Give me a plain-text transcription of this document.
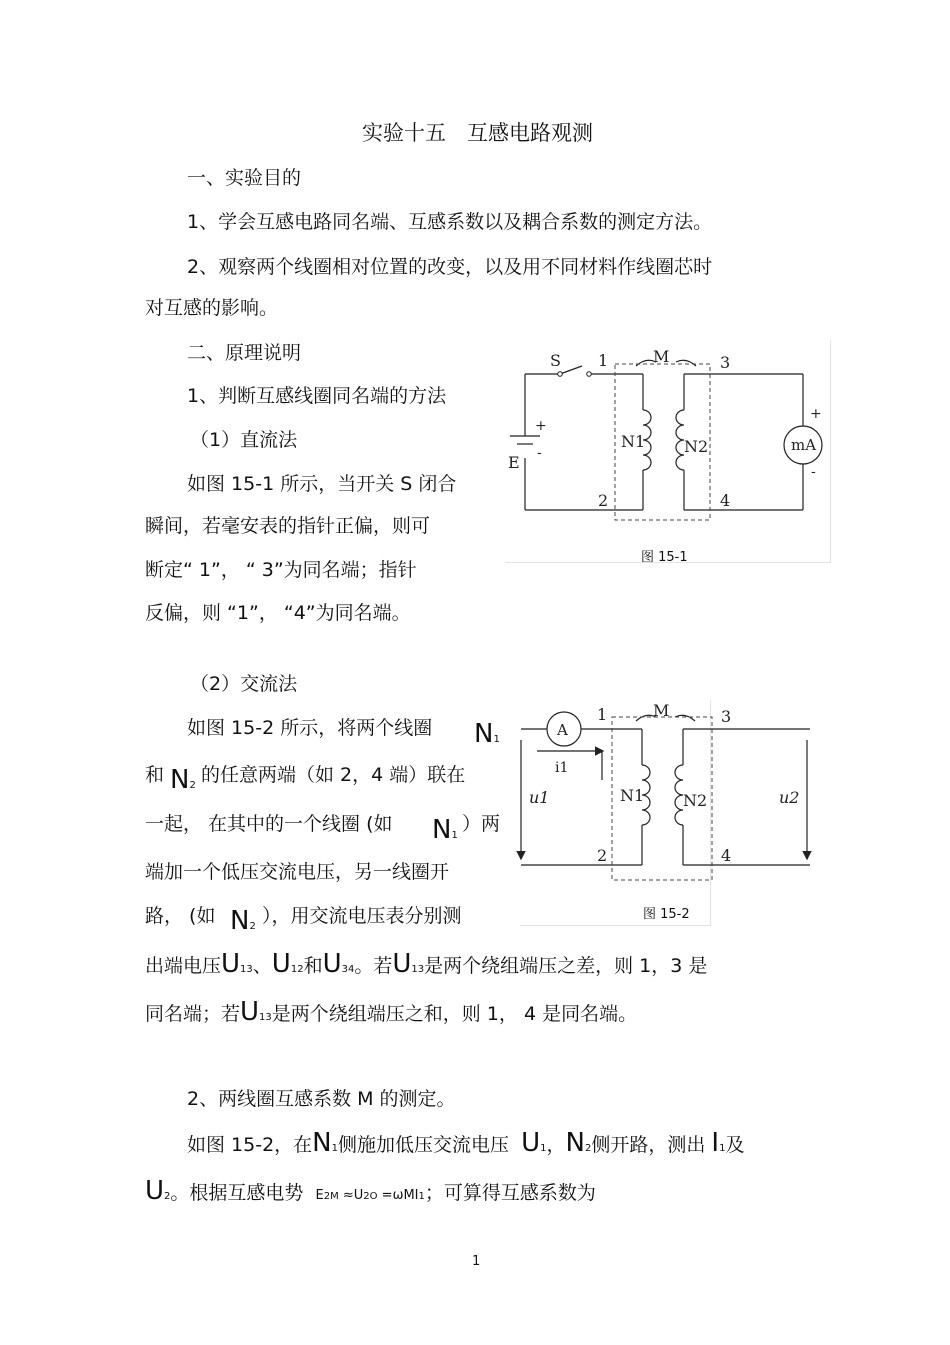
实验十五　互感电路观测
一、实验目的
1、学会互感电路同名端、互感系数以及耦合系数的测定方法。
2、观察两个线圈相对位置的改变，以及用不同材料作线圈芯时
对互感的影响。
二、原理说明
1、判断互感线圈同名端的方法
（1）直流法
如图 15-1 所示，当开关 S 闭合
瞬间，若毫安表的指针正偏，则可
断定“ 1”， “ 3”为同名端；指针
反偏，则 “1”， “4”为同名端。
S 1	M	3
2	4
N1 N2	mA
E
+
-
+
-
图 15-1
（2）交流法
如图 15-2 所示，将两个线圈 N1
和 N2 的任意两端（如 2，4 端）联在
一起， 在其中的一个线圈 (如 N1
）两
端加一个低压交流电压，另一线圈开
路， (如 N2 ），用交流电压表分别测
出端电压U13、U12和U34。若U13是两个绕组端压之差，则 1，3 是
同名端；若U13是两个绕组端压之和，则 1， 4 是同名端。
A
1	M	3
2	4
N1 N2
i1
u1	u2
图 15-2
2、两线圈互感系数 M 的测定。
如图 15-2，在N1侧施加低压交流电压 U1，N2侧开路，测出 I1及
U2。根据互感电势 E2M ≈U2O =ωMI1；可算得互感系数为
1
